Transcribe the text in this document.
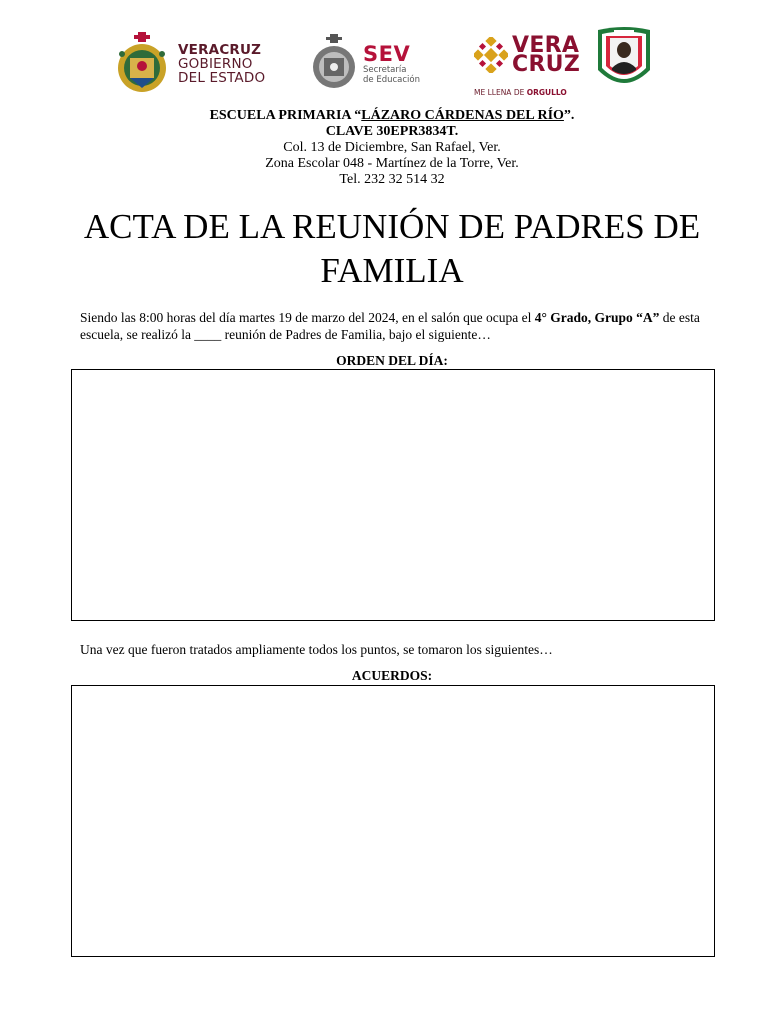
VERACRUZ
GOBIERNO
DEL ESTADO
SEV
Secretaría
de Educación
VERA
CRUZ
ME LLENA DE ORGULLO
ESCUELA PRIMARIA “LÁZARO CÁRDENAS DEL RÍO”.
CLAVE 30EPR3834T.
Col. 13 de Diciembre, San Rafael, Ver.
Zona Escolar 048 - Martínez de la Torre, Ver.
Tel. 232 32 514 32
ACTA DE LA REUNIÓN DE PADRES DE
FAMILIA
Siendo las 8:00 horas del día martes 19 de marzo del 2024, en el salón que ocupa el 4° Grado, Grupo “A” de esta escuela, se realizó la ____ reunión de Padres de Familia, bajo el siguiente…
ORDEN DEL DÍA:
Una vez que fueron tratados ampliamente todos los puntos, se tomaron los siguientes…
ACUERDOS:
